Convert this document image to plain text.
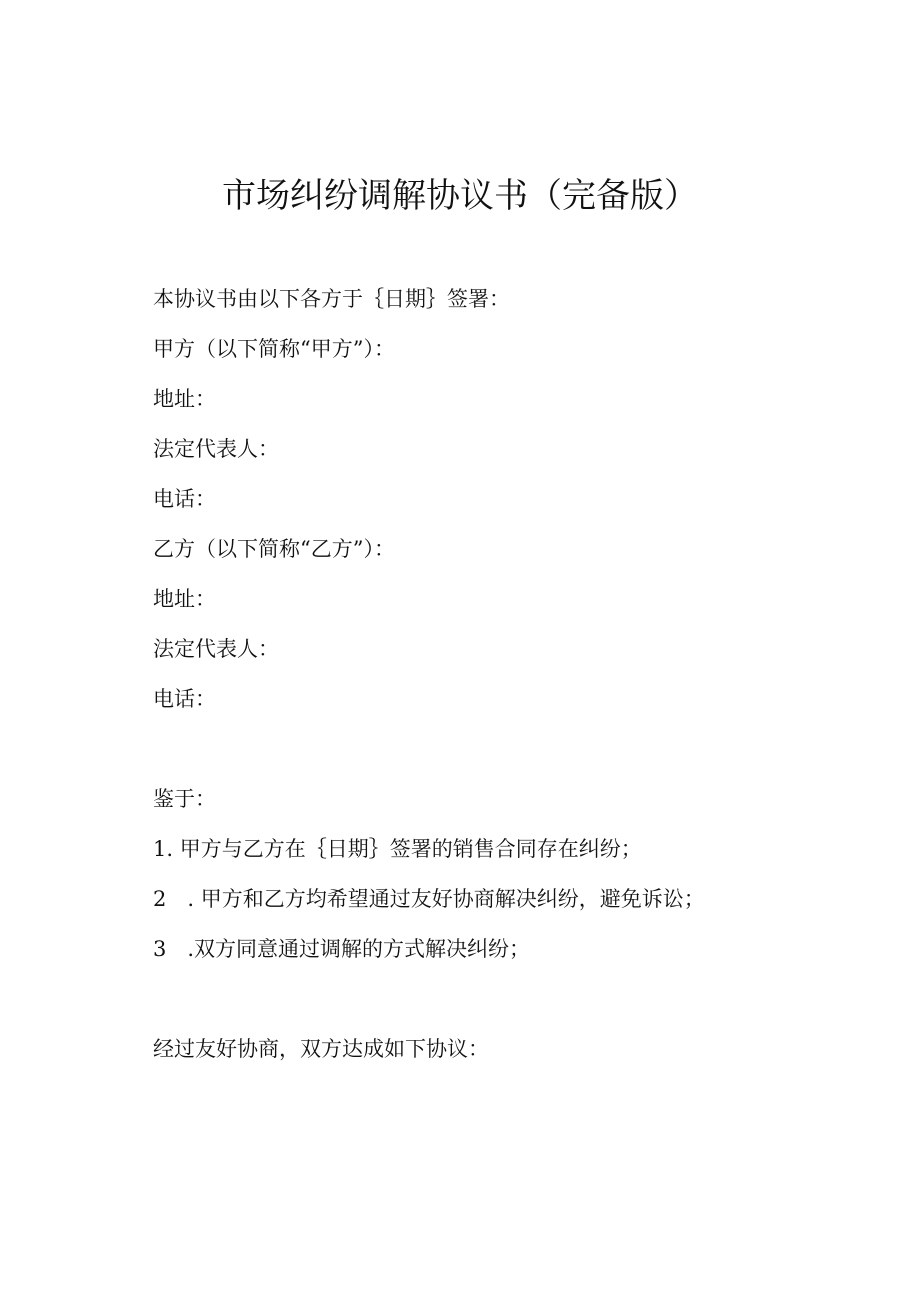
市场纠纷调解协议书（完备版）

本协议书由以下各方于｛日期｝签署：

甲方（以下简称“甲方”）：

地址：

法定代表人：

电话：

乙方（以下简称“乙方”）：

地址：

法定代表人：

电话：

鉴于：

1. 甲方与乙方在｛日期｝签署的销售合同存在纠纷；

2　. 甲方和乙方均希望通过友好协商解决纠纷，避免诉讼；

3　.双方同意通过调解的方式解决纠纷；

经过友好协商，双方达成如下协议：
